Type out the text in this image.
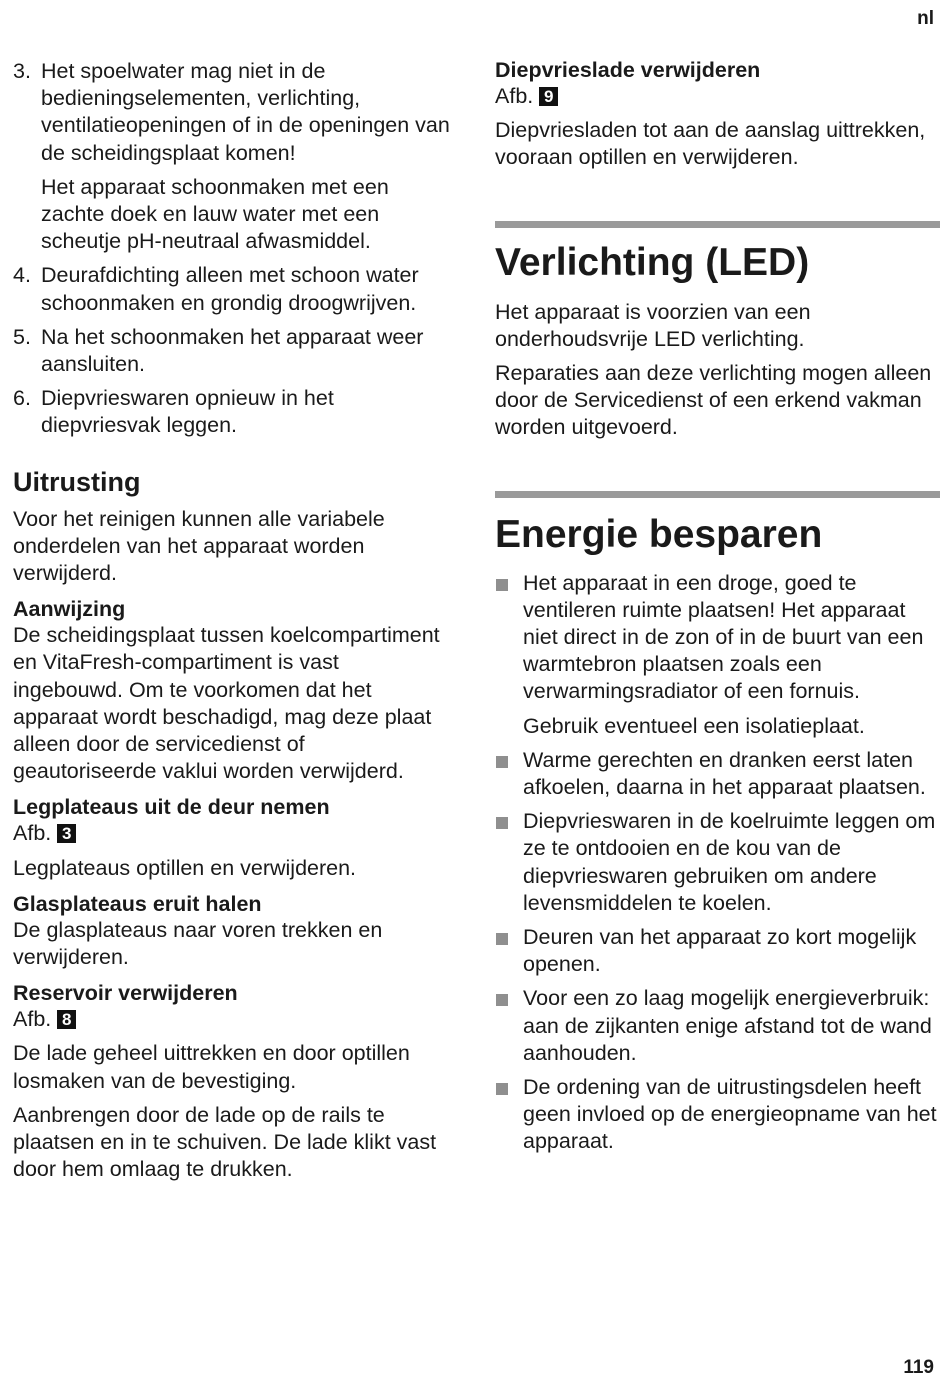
nl
3. Het spoelwater mag niet in de bedieningselementen, verlichting, ventilatieopeningen of in de openingen van de scheidingsplaat komen!

Het apparaat schoonmaken met een zachte doek en lauw water met een scheutje pH-neutraal afwasmiddel.

4. Deurafdichting alleen met schoon water schoonmaken en grondig droogwrijven.

5. Na het schoonmaken het apparaat weer aansluiten.

6. Diepvrieswaren opnieuw in het diepvriesvak leggen.

Uitrusting

Voor het reinigen kunnen alle variabele onderdelen van het apparaat worden verwijderd.

Aanwijzing

De scheidingsplaat tussen koelcompartiment en VitaFresh-compartiment is vast ingebouwd. Om te voorkomen dat het apparaat wordt beschadigd, mag deze plaat alleen door de servicedienst of geautoriseerde vaklui worden verwijderd.

Legplateaus uit de deur nemen

Afb. 3

Legplateaus optillen en verwijderen.

Glasplateaus eruit halen

De glasplateaus naar voren trekken en verwijderen.

Reservoir verwijderen

Afb. 8

De lade geheel uittrekken en door optillen losmaken van de bevestiging.

Aanbrengen door de lade op de rails te plaatsen en in te schuiven. De lade klikt vast door hem omlaag te drukken.

Diepvrieslade verwijderen

Afb. 9

Diepvriesladen tot aan de aanslag uittrekken, vooraan optillen en verwijderen.

Verlichting (LED)

Het apparaat is voorzien van een onderhoudsvrije LED verlichting.

Reparaties aan deze verlichting mogen alleen door de Servicedienst of een erkend vakman worden uitgevoerd.

Energie besparen

Het apparaat in een droge, goed te ventileren ruimte plaatsen! Het apparaat niet direct in de zon of in de buurt van een warmtebron plaatsen zoals een verwarmingsradiator of een fornuis.

Gebruik eventueel een isolatieplaat.

Warme gerechten en dranken eerst laten afkoelen, daarna in het apparaat plaatsen.

Diepvrieswaren in de koelruimte leggen om ze te ontdooien en de kou van de diepvrieswaren gebruiken om andere levensmiddelen te koelen.

Deuren van het apparaat zo kort mogelijk openen.

Voor een zo laag mogelijk energieverbruik: aan de zijkanten enige afstand tot de wand aanhouden.

De ordening van de uitrustingsdelen heeft geen invloed op de energieopname van het apparaat.

119
